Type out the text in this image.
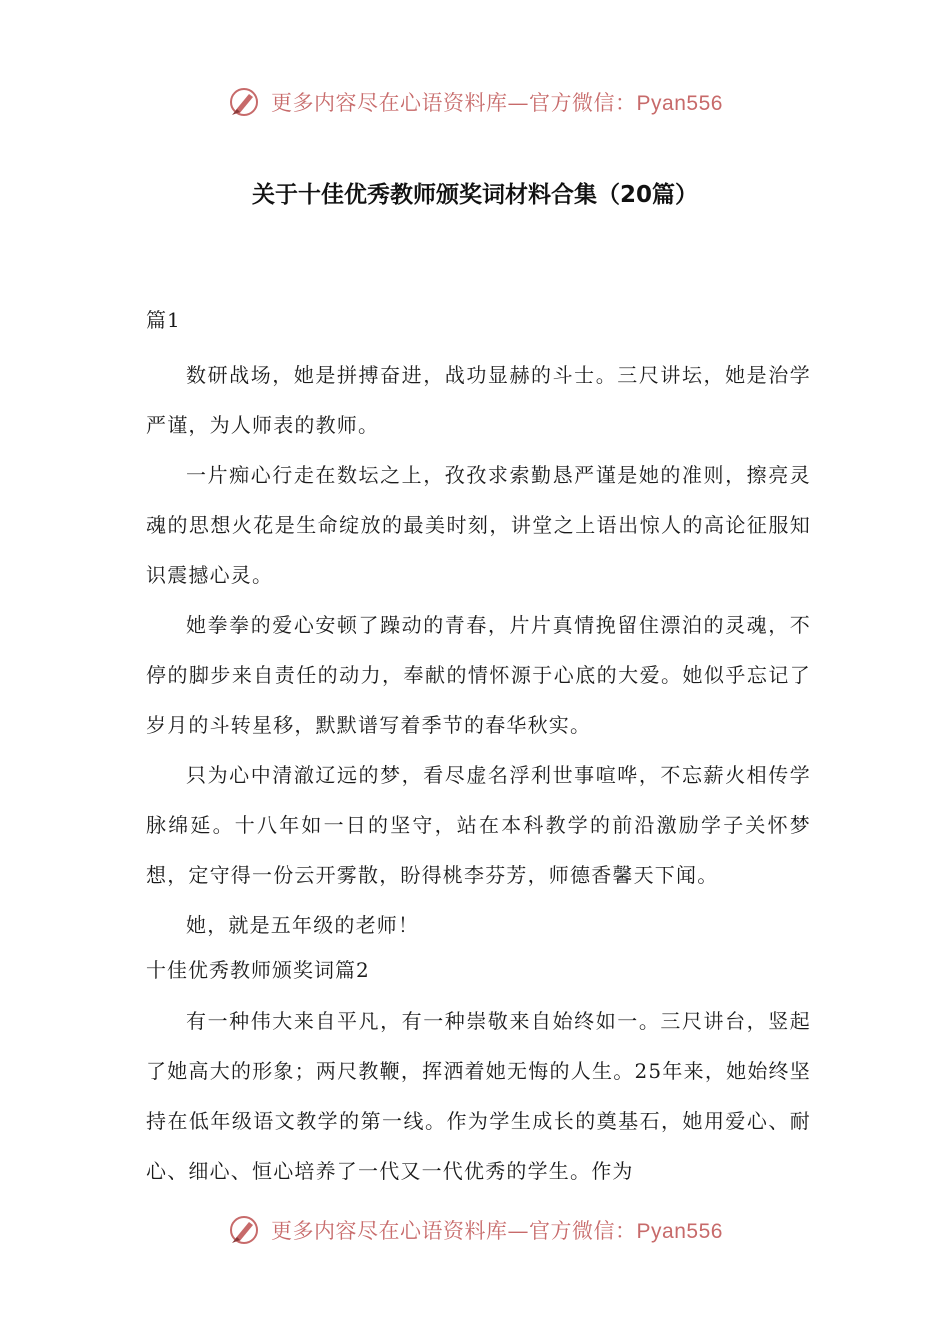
更多内容尽在心语资料库—官方微信：Pyan556
关于十佳优秀教师颁奖词材料合集（20篇）
篇1

数研战场，她是拼搏奋进，战功显赫的斗士。三尺讲坛，她是治学严谨，为人师表的教师。

一片痴心行走在数坛之上，孜孜求索勤恳严谨是她的准则，擦亮灵魂的思想火花是生命绽放的最美时刻，讲堂之上语出惊人的高论征服知识震撼心灵。

她拳拳的爱心安顿了躁动的青春，片片真情挽留住漂泊的灵魂，不停的脚步来自责任的动力，奉献的情怀源于心底的大爱。她似乎忘记了岁月的斗转星移，默默谱写着季节的春华秋实。

只为心中清澈辽远的梦，看尽虚名浮利世事喧哗，不忘薪火相传学脉绵延。十八年如一日的坚守，站在本科教学的前沿激励学子关怀梦想，定守得一份云开雾散，盼得桃李芬芳，师德香馨天下闻。

她，就是五年级的老师！

十佳优秀教师颁奖词篇2

有一种伟大来自平凡，有一种崇敬来自始终如一。三尺讲台，竖起了她高大的形象；两尺教鞭，挥洒着她无悔的人生。25年来，她始终坚持在低年级语文教学的第一线。作为学生成长的奠基石，她用爱心、耐心、细心、恒心培养了一代又一代优秀的学生。作为

更多内容尽在心语资料库—官方微信：Pyan556
